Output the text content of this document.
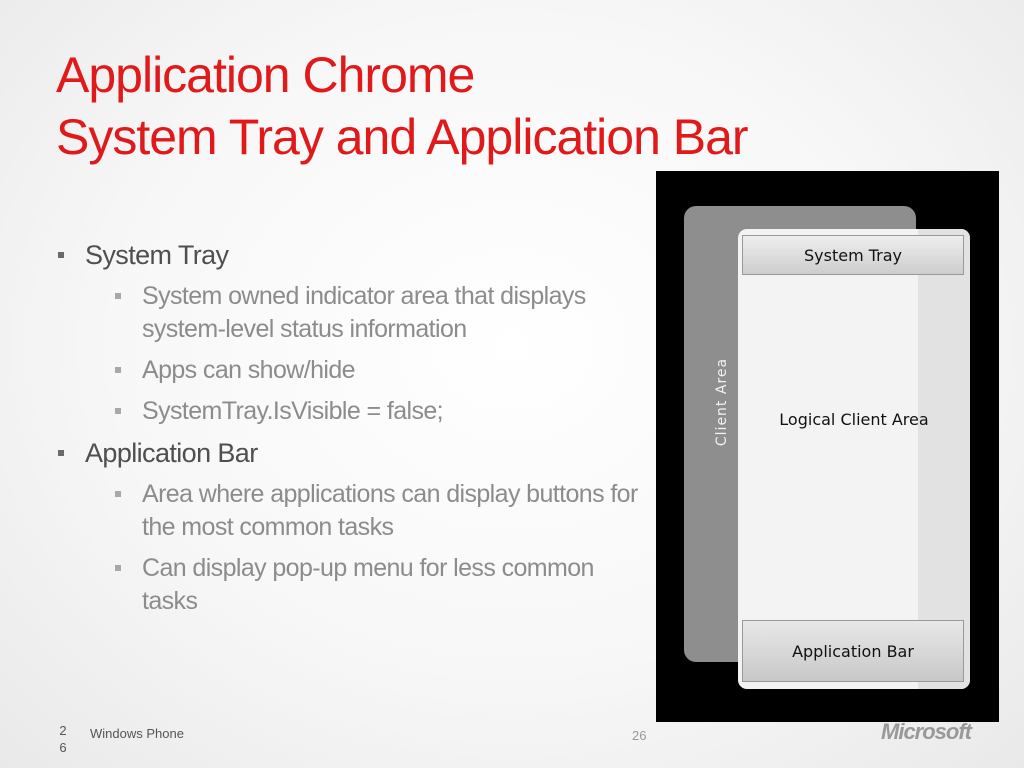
Application Chrome
System Tray and Application Bar
System Tray
System owned indicator area that displays system-level status information
Apps can show/hide
SystemTray.IsVisible = false;
Application Bar
Area where applications can display buttons for the most common tasks
Can display pop-up menu for less common tasks
Client Area
System Tray
Logical Client Area
Application Bar
26
Windows Phone	26	Microsoft
